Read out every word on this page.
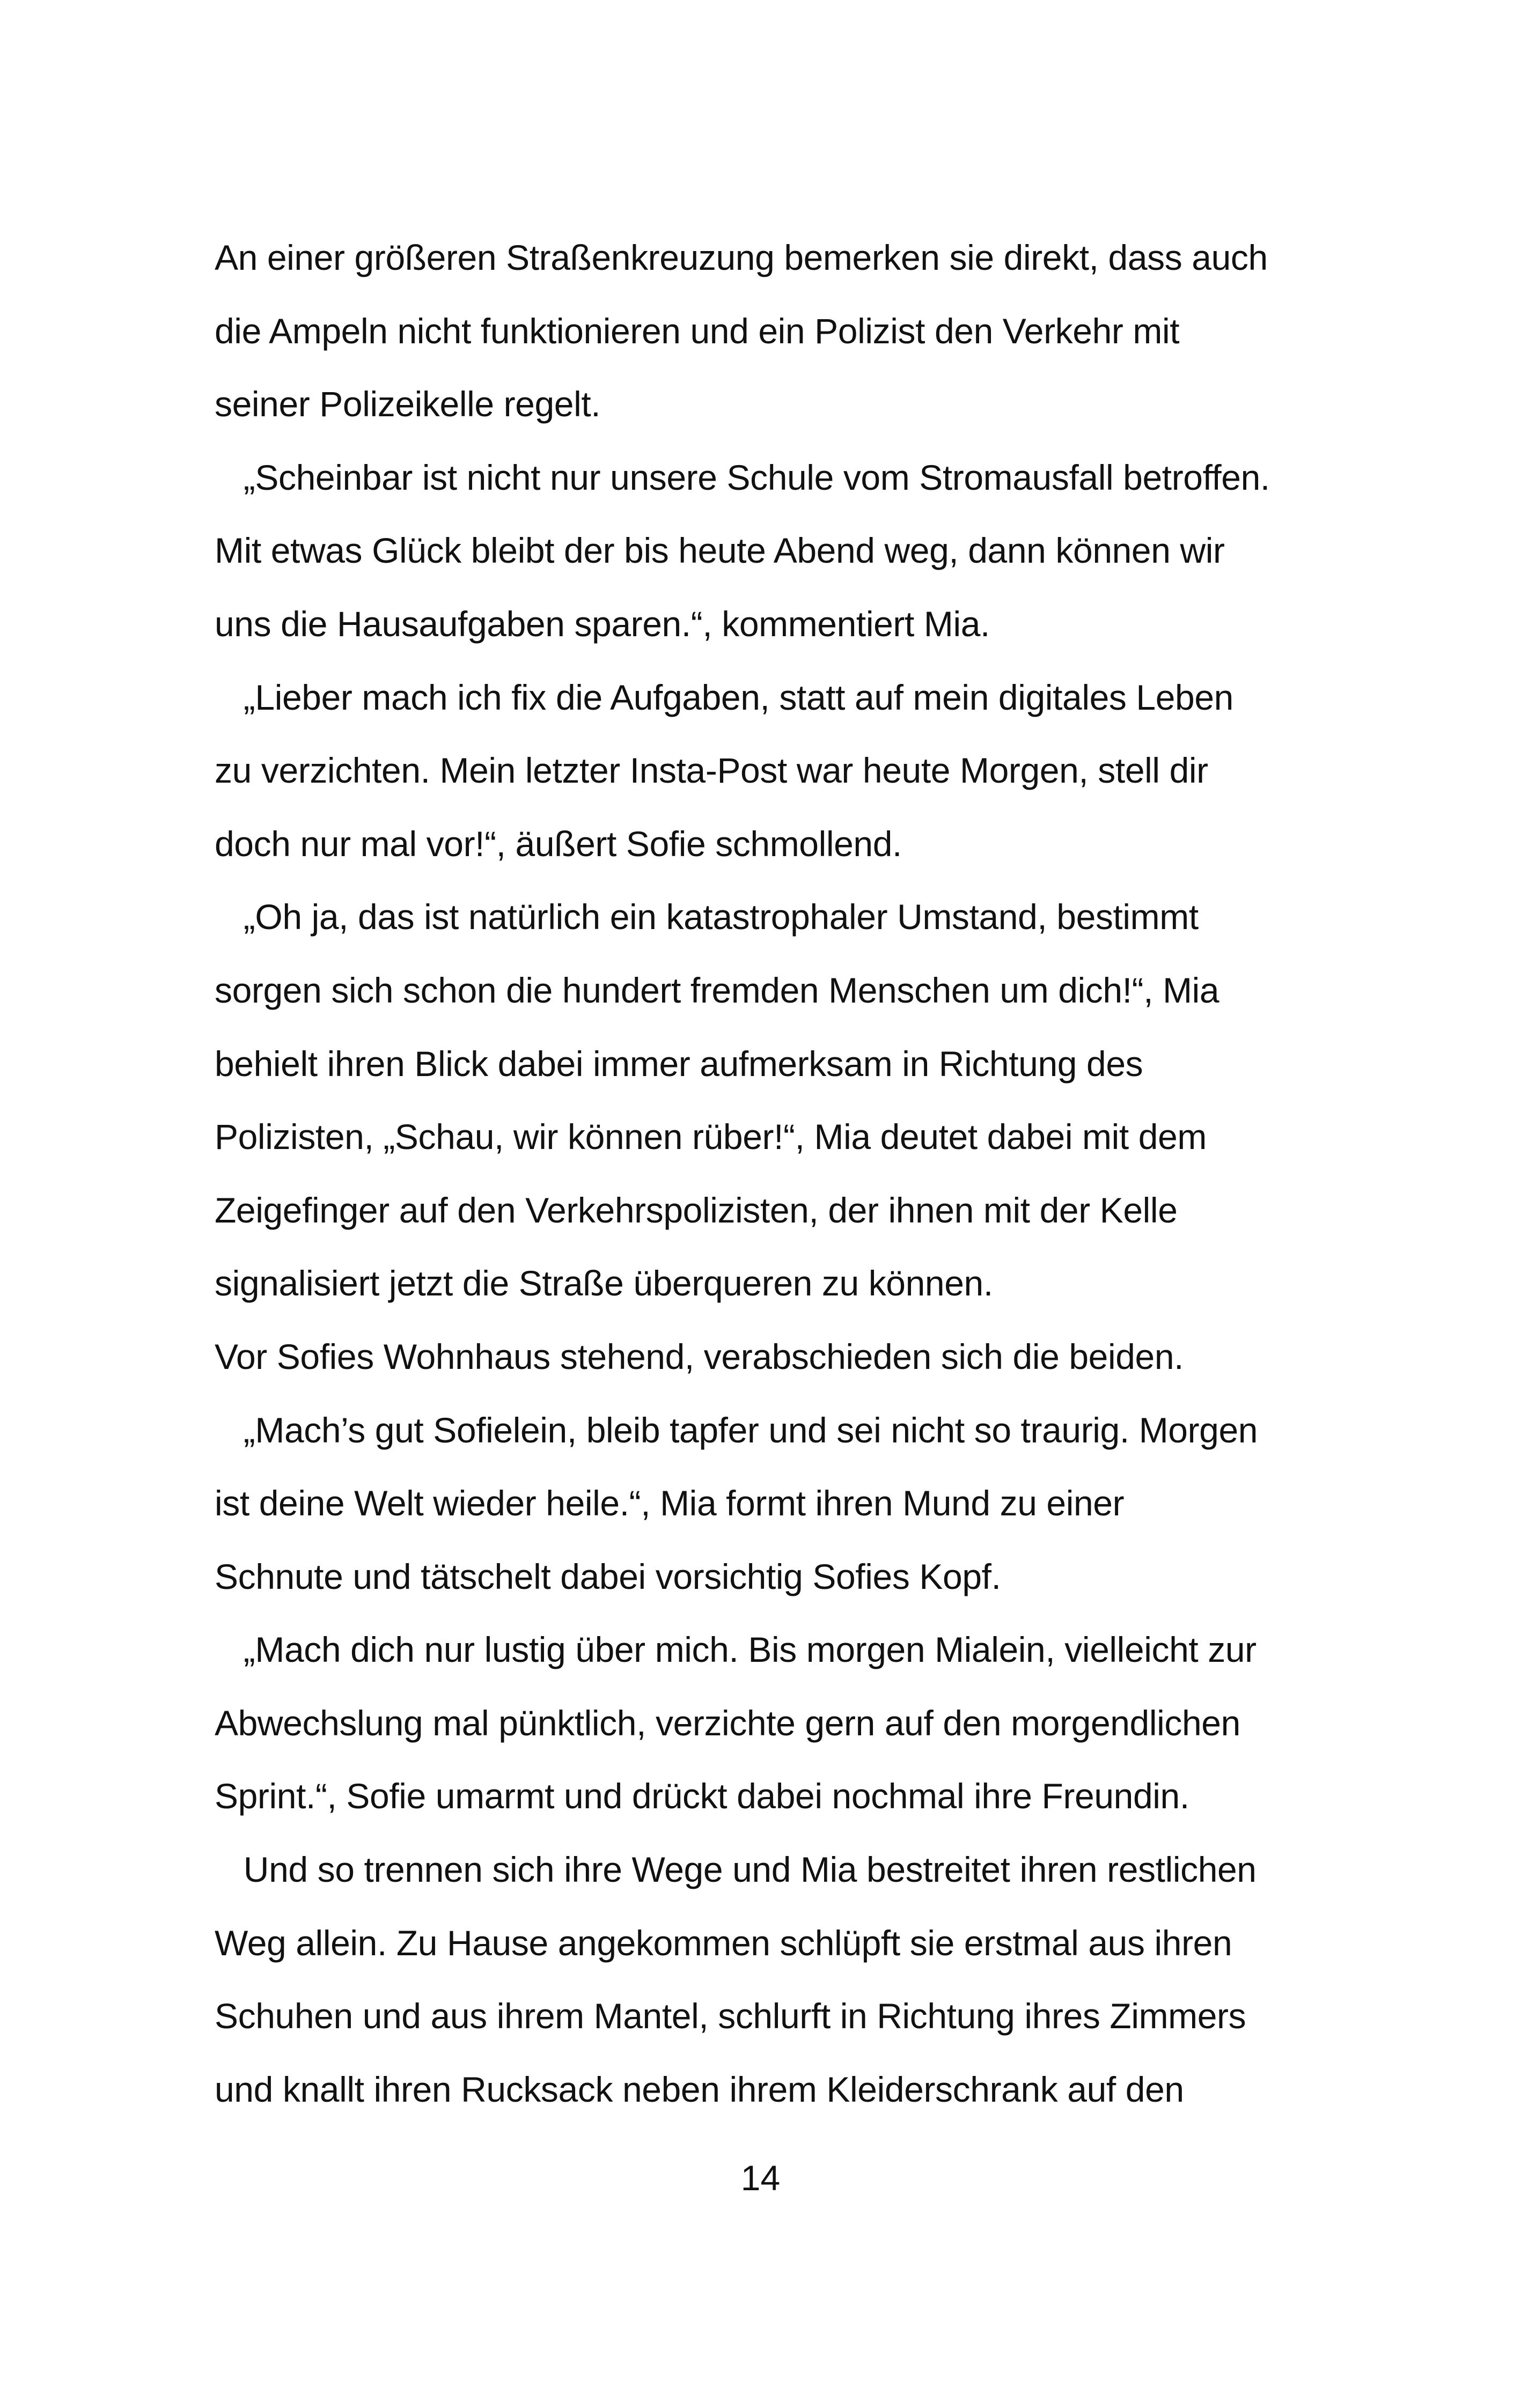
An einer größeren Straßenkreuzung bemerken sie direkt, dass auch
die Ampeln nicht funktionieren und ein Polizist den Verkehr mit
seiner Polizeikelle regelt.
„Scheinbar ist nicht nur unsere Schule vom Stromausfall betroffen.
Mit etwas Glück bleibt der bis heute Abend weg, dann können wir
uns die Hausaufgaben sparen.“, kommentiert Mia.
„Lieber mach ich fix die Aufgaben, statt auf mein digitales Leben
zu verzichten. Mein letzter Insta-Post war heute Morgen, stell dir
doch nur mal vor!“, äußert Sofie schmollend.
„Oh ja, das ist natürlich ein katastrophaler Umstand, bestimmt
sorgen sich schon die hundert fremden Menschen um dich!“, Mia
behielt ihren Blick dabei immer aufmerksam in Richtung des
Polizisten, „Schau, wir können rüber!“, Mia deutet dabei mit dem
Zeigefinger auf den Verkehrspolizisten, der ihnen mit der Kelle
signalisiert jetzt die Straße überqueren zu können.
Vor Sofies Wohnhaus stehend, verabschieden sich die beiden.
„Mach’s gut Sofielein, bleib tapfer und sei nicht so traurig. Morgen
ist deine Welt wieder heile.“, Mia formt ihren Mund zu einer
Schnute und tätschelt dabei vorsichtig Sofies Kopf.
„Mach dich nur lustig über mich. Bis morgen Mialein, vielleicht zur
Abwechslung mal pünktlich, verzichte gern auf den morgendlichen
Sprint.“, Sofie umarmt und drückt dabei nochmal ihre Freundin.
Und so trennen sich ihre Wege und Mia bestreitet ihren restlichen
Weg allein. Zu Hause angekommen schlüpft sie erstmal aus ihren
Schuhen und aus ihrem Mantel, schlurft in Richtung ihres Zimmers
und knallt ihren Rucksack neben ihrem Kleiderschrank auf den
14
